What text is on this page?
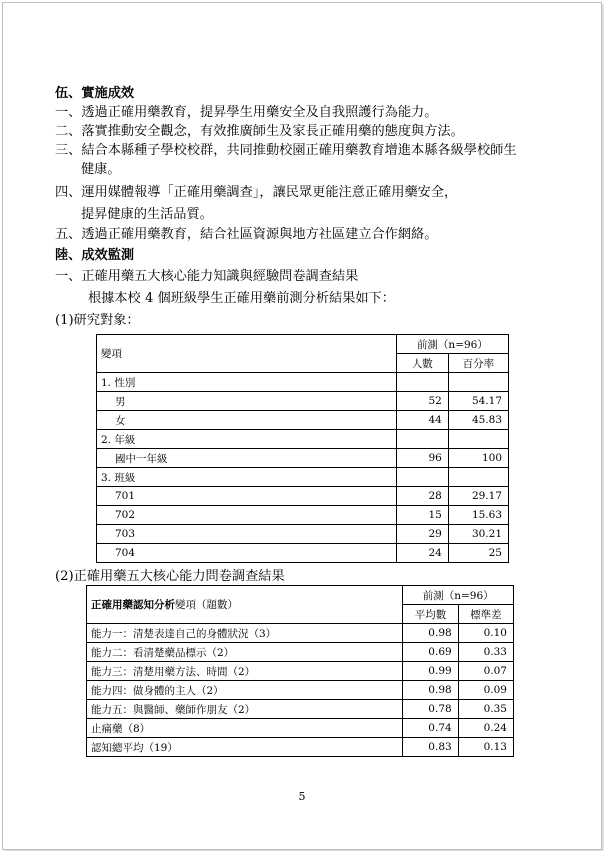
伍、實施成效
一、透過正確用藥教育，提昇學生用藥安全及自我照護行為能力。
二、落實推動安全觀念，有效推廣師生及家長正確用藥的態度與方法。
三、結合本縣種子學校校群，共同推動校園正確用藥教育增進本縣各級學校師生
健康。
四、運用媒體報導「正確用藥調查」，讓民眾更能注意正確用藥安全，
提昇健康的生活品質。
五、透過正確用藥教育，結合社區資源與地方社區建立合作網絡。
陸、成效監測
一、正確用藥五大核心能力知識與經驗問卷調查結果
根據本校 4 個班級學生正確用藥前測分析結果如下：
(1)研究對象：
(2)正確用藥五大核心能力問卷調查結果
變項	前測（n=96）	
	人數	百分率
1. 性別		
男	52	54.17
女	44	45.83
2. 年級		
國中一年級	96	100
3. 班級		
701	28	29.17
702	15	15.63
703	29	30.21
704	24	25
正確用藥認知分析變項（題數）	前測（n=96）	
	平均數	標準差
能力一：清楚表達自己的身體狀況（3）	0.98	0.10
能力二：看清楚藥品標示（2）	0.69	0.33
能力三：清楚用藥方法、時間（2）	0.99	0.07
能力四：做身體的主人（2）	0.98	0.09
能力五：與醫師、藥師作朋友（2）	0.78	0.35
止痛藥（8）	0.74	0.24
認知總平均（19）	0.83	0.13
5
